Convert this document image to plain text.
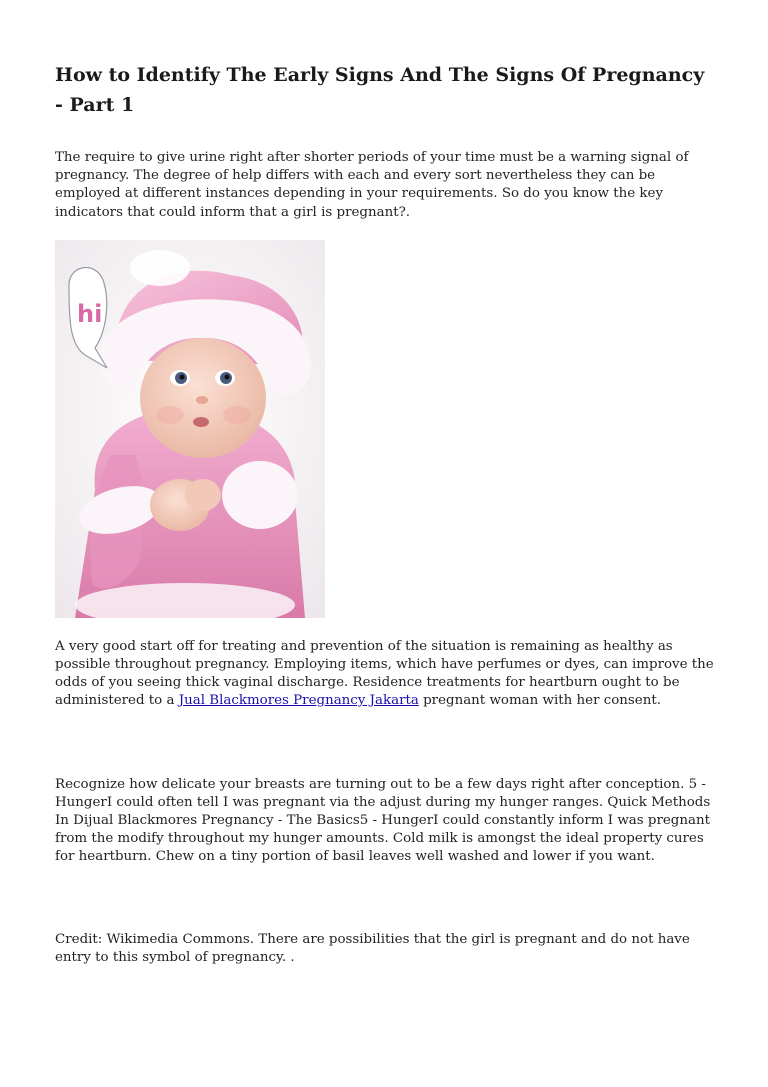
How to Identify The Early Signs And The Signs Of Pregnancy - Part 1

The require to give urine right after shorter periods of your time must be a warning signal of pregnancy. The degree of help differs with each and every sort nevertheless they can be employed at different instances depending in your requirements. So do you know the key indicators that could inform that a girl is pregnant?.

hi

A very good start off for treating and prevention of the situation is remaining as healthy as possible throughout pregnancy. Employing items, which have perfumes or dyes, can improve the odds of you seeing thick vaginal discharge. Residence treatments for heartburn ought to be administered to a Jual Blackmores Pregnancy Jakarta pregnant woman with her consent.

Recognize how delicate your breasts are turning out to be a few days right after conception. 5 - HungerI could often tell I was pregnant via the adjust during my hunger ranges. Quick Methods In Dijual Blackmores Pregnancy - The Basics5 - HungerI could constantly inform I was pregnant from the modify throughout my hunger amounts. Cold milk is amongst the ideal property cures for heartburn. Chew on a tiny portion of basil leaves well washed and lower if you want.

Credit: Wikimedia Commons. There are possibilities that the girl is pregnant and do not have entry to this symbol of pregnancy. .
